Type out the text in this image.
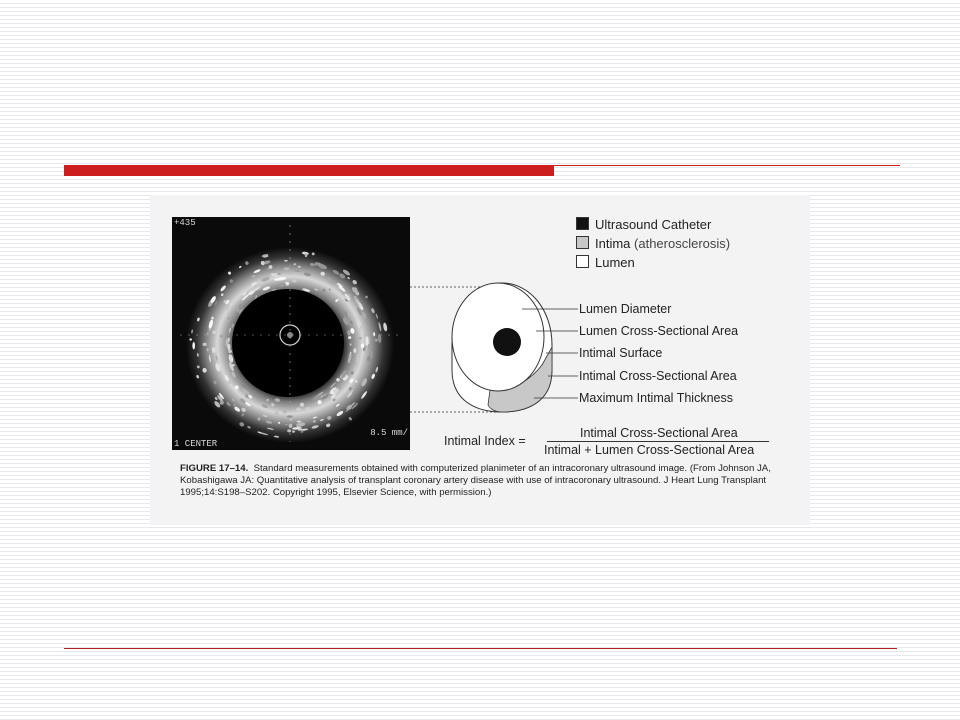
+435
1 CENTER
8.5 mm/
Ultrasound Catheter
Intima (atherosclerosis)
Lumen
Lumen Diameter
Lumen Cross-Sectional Area
Intimal Surface
Intimal Cross-Sectional Area
Maximum Intimal Thickness
Intimal Index =
Intimal Cross-Sectional Area
Intimal + Lumen Cross-Sectional Area
FIGURE 17–14. Standard measurements obtained with computerized planimeter of an intracoronary ultrasound image. (From Johnson JA, Kobashigawa JA: Quantitative analysis of transplant coronary artery disease with use of intracoronary ultrasound. J Heart Lung Transplant 1995;14:S198–S202. Copyright 1995, Elsevier Science, with permission.)
